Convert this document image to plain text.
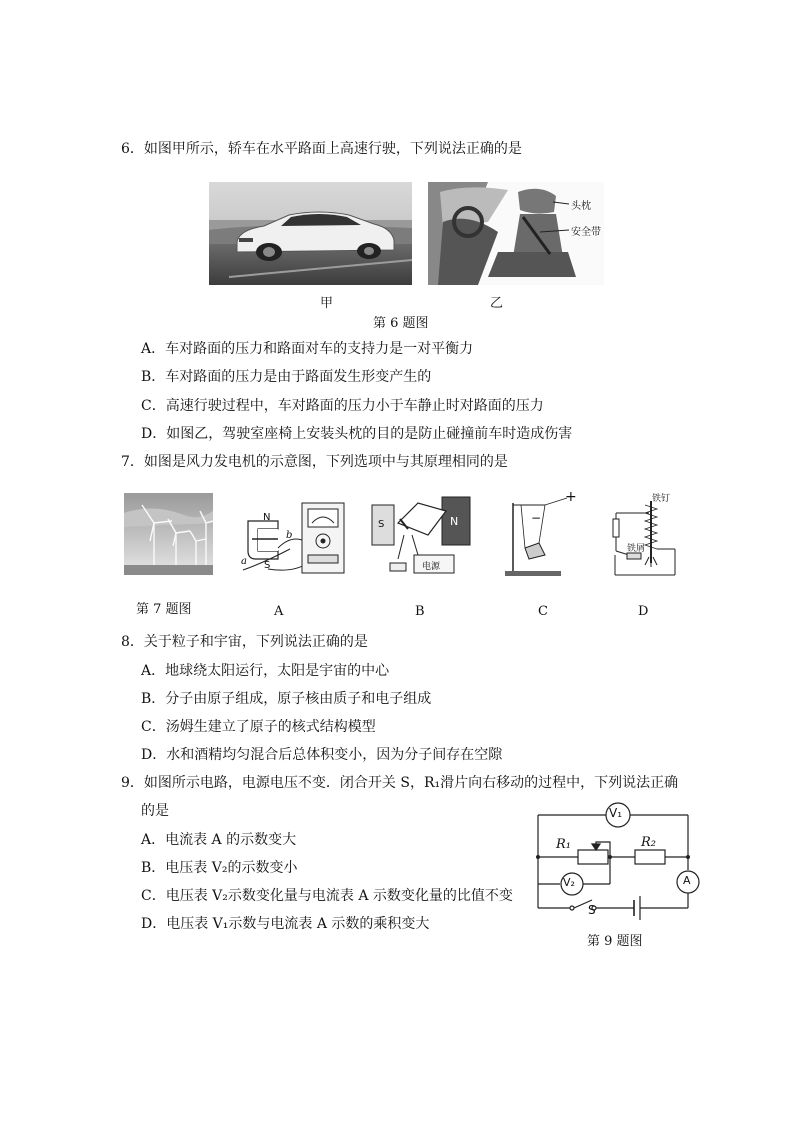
6．如图甲所示，轿车在水平路面上高速行驶，下列说法正确的是
头枕
安全带
甲	乙
第 6 题图
A．车对路面的压力和路面对车的支持力是一对平衡力
B．车对路面的压力是由于路面发生形变产生的
C．高速行驶过程中，车对路面的压力小于车静止时对路面的压力
D．如图乙，驾驶室座椅上安装头枕的目的是防止碰撞前车时造成伤害
7．如图是风力发电机的示意图，下列选项中与其原理相同的是
N
S
a
b
S	N
电源
+
−
铁钉
铁屑
第 7 题图	A	B	C	D
8．关于粒子和宇宙，下列说法正确的是
A．地球绕太阳运行，太阳是宇宙的中心
B．分子由原子组成，原子核由质子和电子组成
C．汤姆生建立了原子的核式结构模型
D．水和酒精均匀混合后总体积变小，因为分子间存在空隙
9．如图所示电路，电源电压不变．闭合开关 S，R₁滑片向右移动的过程中，下列说法正确
的是
A．电流表 A 的示数变大
B．电压表 V₂的示数变小
C．电压表 V₂示数变化量与电流表 A 示数变化量的比值不变
D．电压表 V₁示数与电流表 A 示数的乘积变大
V₁
V₂
R₁	R₂
A
S
第 9 题图
